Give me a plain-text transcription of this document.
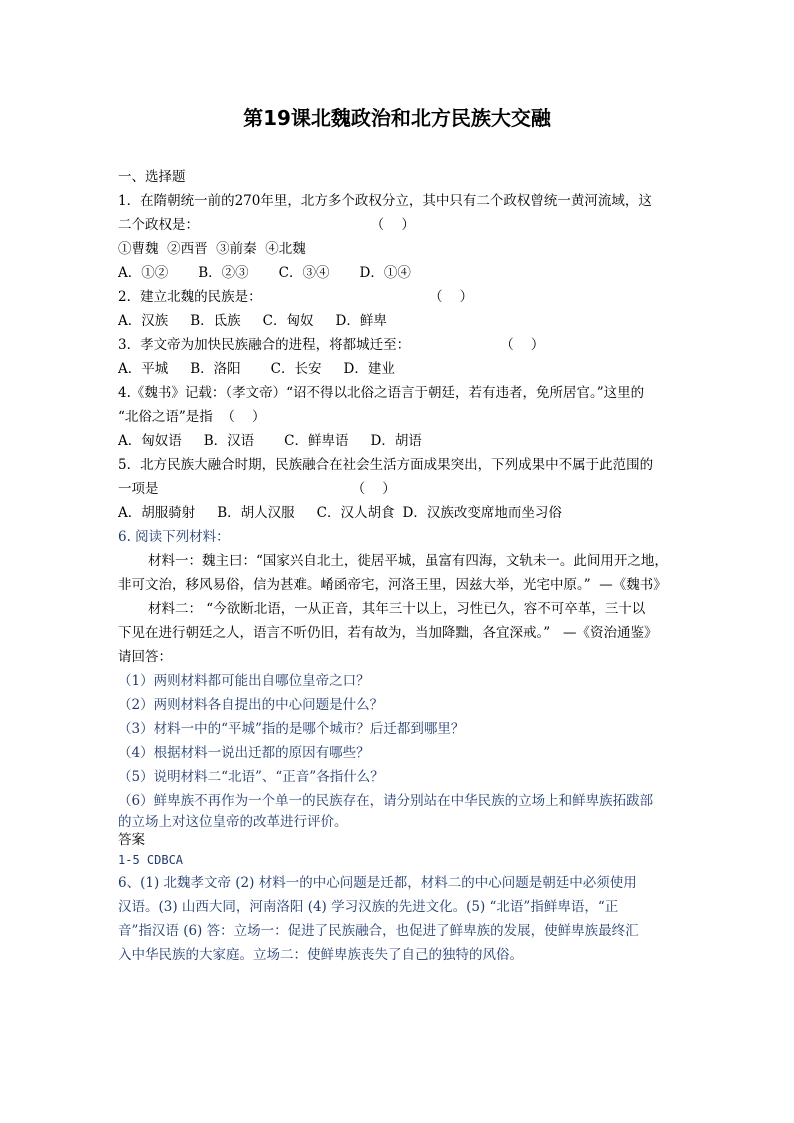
第19课北魏政治和北方民族大交融

一、选择题

1．在隋朝统一前的270年里，北方多个政权分立，其中只有二个政权曾统一黄河流域，这

二个政权是：                                        （    ）

①曹魏  ②西晋  ③前秦  ④北魏

A．①② B．②③ C．③④ D．①④

2．建立北魏的民族是：                                       （    ）

A．汉族 B．氐族 C．匈奴 D．鲜卑

3．孝文帝为加快民族融合的进程，将都城迁至：                     （    ）

A．平城 B．洛阳 C．长安 D．建业

4.《魏书》记载：（孝文帝）“诏不得以北俗之语言于朝廷，若有违者，免所居官。”这里的

“北俗之语”是指  （    ）

A．匈奴语 B．汉语 C．鲜卑语 D．胡语

5．北方民族大融合时期，民族融合在社会生活方面成果突出，下列成果中不属于此范围的

一项是                                             （    ）

A．胡服骑射 B．胡人汉服 C．汉人胡食 D．汉族改变席地而坐习俗

6. 阅读下列材料：

材料一：魏主曰：“国家兴自北土，徙居平城，虽富有四海，文轨未一。此间用开之地，

非可文治，移风易俗，信为甚难。崤函帝宅，河洛王里，因兹大举，光宅中原。”  —《魏书》

材料二： “今欲断北语，一从正音，其年三十以上，习性已久，容不可卒革，三十以

下见在进行朝廷之人，语言不听仍旧，若有故为，当加降黜，各宜深戒。”   —《资治通鉴》

请回答：

（1）两则材料都可能出自哪位皇帝之口？

（2）两则材料各自提出的中心问题是什么？

（3）材料一中的“平城”指的是哪个城市？后迁都到哪里？

（4）根据材料一说出迁都的原因有哪些？

（5）说明材料二“北语”、“正音”各指什么？

（6）鲜卑族不再作为一个单一的民族存在，请分别站在中华民族的立场上和鲜卑族拓跋部

的立场上对这位皇帝的改革进行评价。

答案

1-5 CDBCA

6、(1) 北魏孝文帝 (2) 材料一的中心问题是迁都，材料二的中心问题是朝廷中必须使用

汉语。(3) 山西大同，河南洛阳 (4) 学习汉族的先进文化。(5) “北语”指鲜卑语，“正

音”指汉语 (6) 答：立场一：促进了民族融合，也促进了鲜卑族的发展，使鲜卑族最终汇

入中华民族的大家庭。立场二：使鲜卑族丧失了自己的独特的风俗。
